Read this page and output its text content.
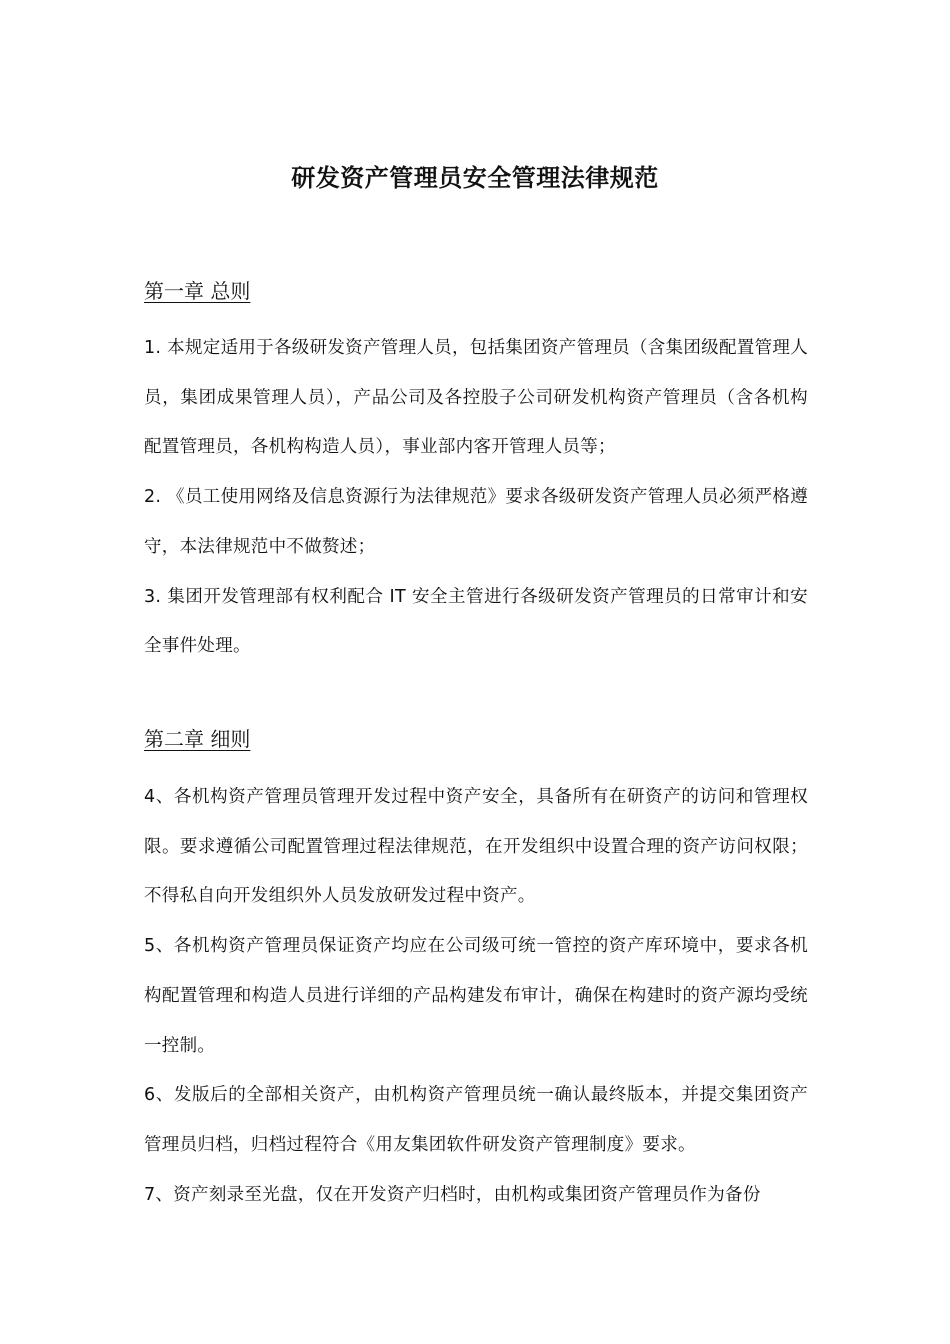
研发资产管理员安全管理法律规范
第一章 总则

1. 本规定适用于各级研发资产管理人员，包括集团资产管理员（含集团级配置管理人员，集团成果管理人员），产品公司及各控股子公司研发机构资产管理员（含各机构配置管理员，各机构构造人员），事业部内客开管理人员等；

2. 《员工使用网络及信息资源行为法律规范》要求各级研发资产管理人员必须严格遵守，本法律规范中不做赘述；

3. 集团开发管理部有权利配合 IT 安全主管进行各级研发资产管理员的日常审计和安全事件处理。

第二章 细则

4、各机构资产管理员管理开发过程中资产安全，具备所有在研资产的访问和管理权限。要求遵循公司配置管理过程法律规范，在开发组织中设置合理的资产访问权限；不得私自向开发组织外人员发放研发过程中资产。

5、各机构资产管理员保证资产均应在公司级可统一管控的资产库环境中，要求各机构配置管理和构造人员进行详细的产品构建发布审计，确保在构建时的资产源均受统一控制。

6、发版后的全部相关资产，由机构资产管理员统一确认最终版本，并提交集团资产管理员归档，归档过程符合《用友集团软件研发资产管理制度》要求。

7、资产刻录至光盘，仅在开发资产归档时，由机构或集团资产管理员作为备份
